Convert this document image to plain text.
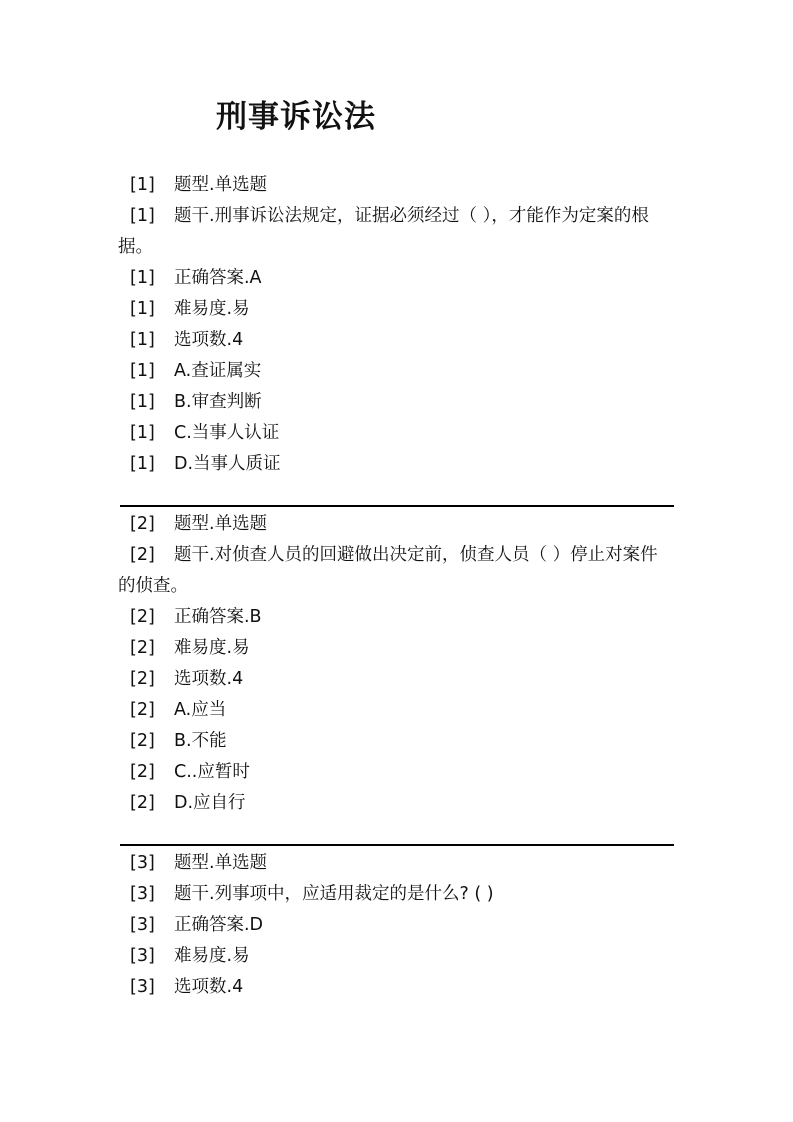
刑事诉讼法
[1] 题型.单选题
[1] 题干.刑事诉讼法规定，证据必须经过（ ），才能作为定案的根
据。
[1] 正确答案.A
[1] 难易度.易
[1] 选项数.4
[1] A.查证属实
[1] B.审查判断
[1] C.当事人认证
[1] D.当事人质证
[2] 题型.单选题
[2] 题干.对侦查人员的回避做出决定前，侦查人员（ ）停止对案件
的侦查。
[2] 正确答案.B
[2] 难易度.易
[2] 选项数.4
[2] A.应当
[2] B.不能
[2] C..应暂时
[2] D.应自行
[3] 题型.单选题
[3] 题干.列事项中，应适用裁定的是什么? ( )
[3] 正确答案.D
[3] 难易度.易
[3] 选项数.4
